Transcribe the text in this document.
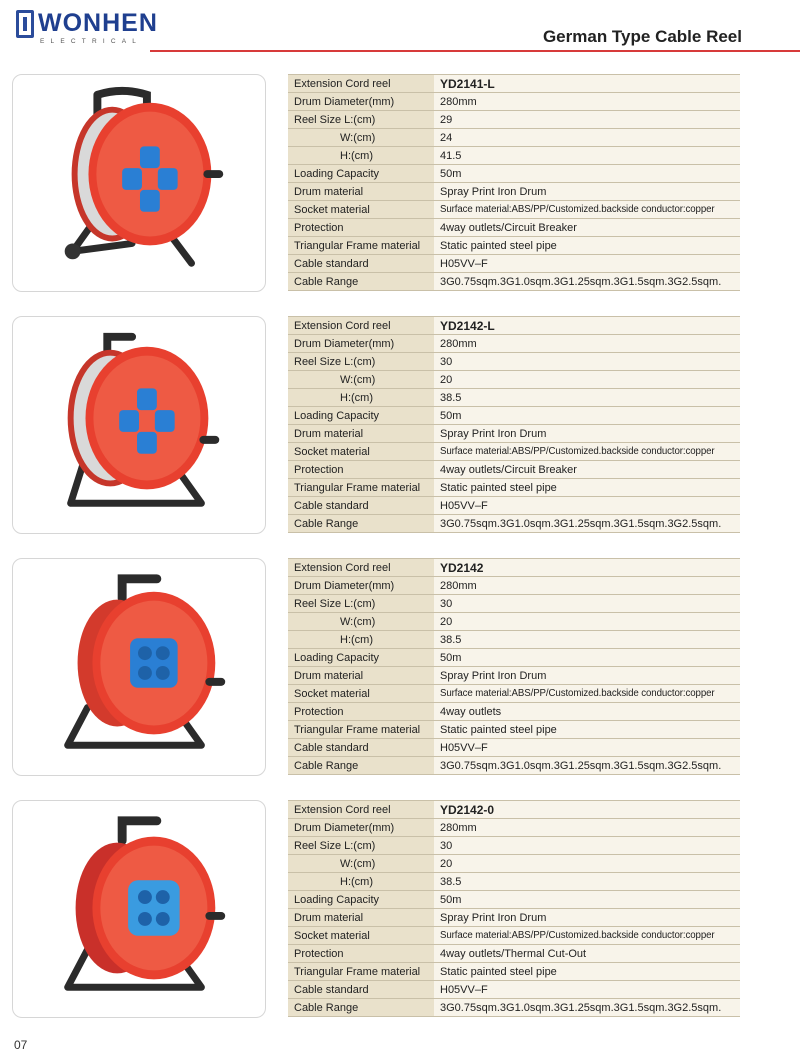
WONHEN
ELECTRICAL	German Type Cable Reel
Extension Cord reel	YD2141-L
Drum Diameter(mm)	280mm
Reel Size L:(cm)	29
W:(cm)	24
H:(cm)	41.5
Loading Capacity	50m
Drum material	Spray Print Iron Drum
Socket material	Surface material:ABS/PP/Customized.backside conductor:copper
Protection	4way outlets/Circuit Breaker
Triangular Frame material	Static painted steel pipe
Cable standard	H05VV–F
Cable Range	3G0.75sqm.3G1.0sqm.3G1.25sqm.3G1.5sqm.3G2.5sqm.
Extension Cord reel	YD2142-L
Drum Diameter(mm)	280mm
Reel Size L:(cm)	30
W:(cm)	20
H:(cm)	38.5
Loading Capacity	50m
Drum material	Spray Print Iron Drum
Socket material	Surface material:ABS/PP/Customized.backside conductor:copper
Protection	4way outlets/Circuit Breaker
Triangular Frame material	Static painted steel pipe
Cable standard	H05VV–F
Cable Range	3G0.75sqm.3G1.0sqm.3G1.25sqm.3G1.5sqm.3G2.5sqm.
Extension Cord reel	YD2142
Drum Diameter(mm)	280mm
Reel Size L:(cm)	30
W:(cm)	20
H:(cm)	38.5
Loading Capacity	50m
Drum material	Spray Print Iron Drum
Socket material	Surface material:ABS/PP/Customized.backside conductor:copper
Protection	4way outlets
Triangular Frame material	Static painted steel pipe
Cable standard	H05VV–F
Cable Range	3G0.75sqm.3G1.0sqm.3G1.25sqm.3G1.5sqm.3G2.5sqm.
Extension Cord reel	YD2142-0
Drum Diameter(mm)	280mm
Reel Size L:(cm)	30
W:(cm)	20
H:(cm)	38.5
Loading Capacity	50m
Drum material	Spray Print Iron Drum
Socket material	Surface material:ABS/PP/Customized.backside conductor:copper
Protection	4way outlets/Thermal Cut-Out
Triangular Frame material	Static painted steel pipe
Cable standard	H05VV–F
Cable Range	3G0.75sqm.3G1.0sqm.3G1.25sqm.3G1.5sqm.3G2.5sqm.
07
